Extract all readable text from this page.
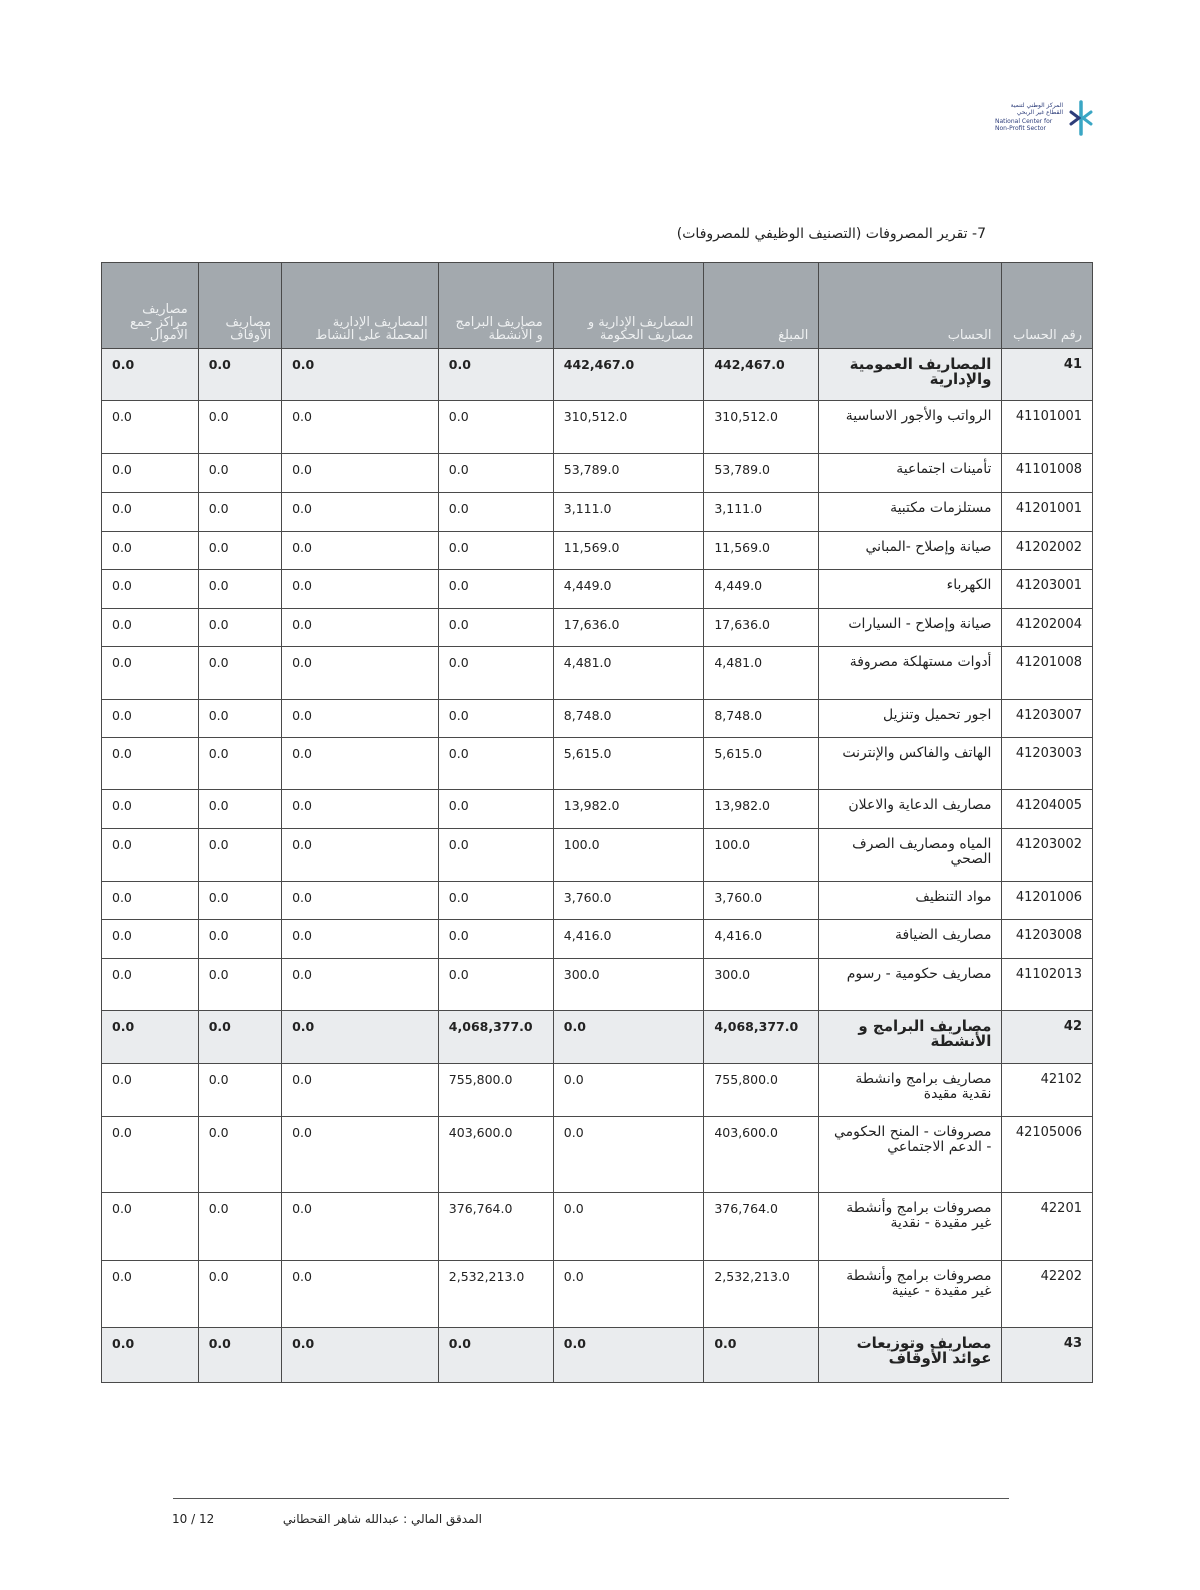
المركز الوطني لتنمية القطاع غير الربحي
National Center for Non-Profit Sector
7- تقرير المصروفات (التصنيف الوظيفي للمصروفات)
رقم الحساب	الحساب	المبلغ	المصاريف الإدارية و مصاريف الحكومة	مصاريف البرامج و الأنشطة	المصاريف الإدارية المحملة على النشاط	مصاريف الأوقاف	مصاريف مراكز جمع الأموال
41	المصاريف العمومية والإدارية	442,467.0	442,467.0	0.0	0.0	0.0	0.0
41101001	الرواتب والأجور الاساسية	310,512.0	310,512.0	0.0	0.0	0.0	0.0
41101008	تأمينات اجتماعية	53,789.0	53,789.0	0.0	0.0	0.0	0.0
41201001	مستلزمات مكتبية	3,111.0	3,111.0	0.0	0.0	0.0	0.0
41202002	صيانة وإصلاح -المباني	11,569.0	11,569.0	0.0	0.0	0.0	0.0
41203001	الكهرباء	4,449.0	4,449.0	0.0	0.0	0.0	0.0
41202004	صيانة وإصلاح - السيارات	17,636.0	17,636.0	0.0	0.0	0.0	0.0
41201008	أدوات مستهلكة مصروفة	4,481.0	4,481.0	0.0	0.0	0.0	0.0
41203007	اجور تحميل وتنزيل	8,748.0	8,748.0	0.0	0.0	0.0	0.0
41203003	الهاتف والفاكس والإنترنت	5,615.0	5,615.0	0.0	0.0	0.0	0.0
41204005	مصاريف الدعاية والاعلان	13,982.0	13,982.0	0.0	0.0	0.0	0.0
41203002	المياه ومصاريف الصرف الصحي	100.0	100.0	0.0	0.0	0.0	0.0
41201006	مواد التنظيف	3,760.0	3,760.0	0.0	0.0	0.0	0.0
41203008	مصاريف الضيافة	4,416.0	4,416.0	0.0	0.0	0.0	0.0
41102013	مصاريف حكومية - رسوم	300.0	300.0	0.0	0.0	0.0	0.0
42	مصاريف البرامج و الأنشطة	4,068,377.0	0.0	4,068,377.0	0.0	0.0	0.0
42102	مصاريف برامج وانشطة نقدية مقيدة	755,800.0	0.0	755,800.0	0.0	0.0	0.0
42105006	مصروفات - المنح الحكومي - الدعم الاجتماعي	403,600.0	0.0	403,600.0	0.0	0.0	0.0
42201	مصروفات برامج وأنشطة غير مقيدة - نقدية	376,764.0	0.0	376,764.0	0.0	0.0	0.0
42202	مصروفات برامج وأنشطة غير مقيدة - عينية	2,532,213.0	0.0	2,532,213.0	0.0	0.0	0.0
43	مصاريف وتوزيعات عوائد الأوقاف	0.0	0.0	0.0	0.0	0.0	0.0
المدقق المالي : عبدالله شاهر القحطاني
10 / 12
